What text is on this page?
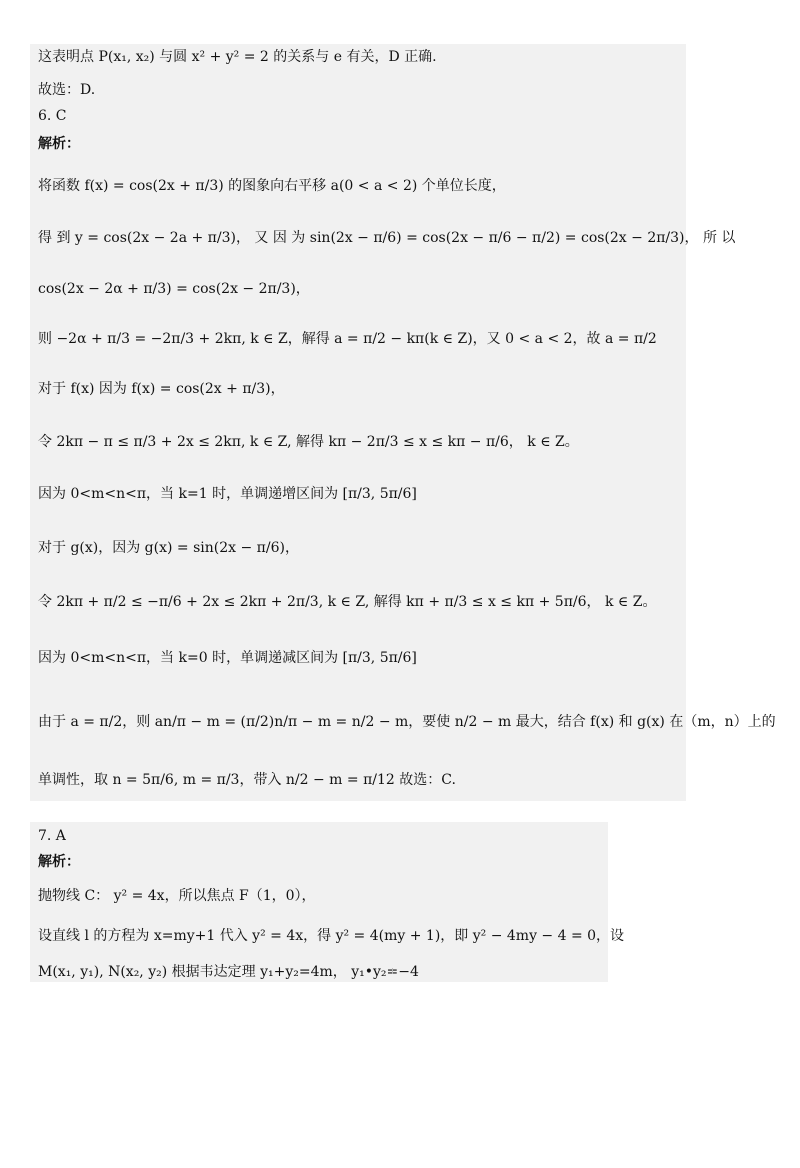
这表明点 P(x₁, x₂) 与圆 x² + y² = 2 的关系与 e 有关，D 正确.
故选：D.
6. C
解析：
将函数 f(x) = cos(2x + π/3) 的图象向右平移 a(0 < a < 2) 个单位长度，
得 到 y = cos(2x − 2a + π/3)， 又 因 为 sin(2x − π/6) = cos(2x − π/6 − π/2) = cos(2x − 2π/3)， 所 以
cos(2x − 2α + π/3) = cos(2x − 2π/3)，
则 −2α + π/3 = −2π/3 + 2kπ, k ∈ Z，解得 a = π/2 − kπ(k ∈ Z)，又 0 < a < 2，故 a = π/2
对于 f(x) 因为 f(x) = cos(2x + π/3)，
令 2kπ − π ≤ π/3 + 2x ≤ 2kπ, k ∈ Z, 解得 kπ − 2π/3 ≤ x ≤ kπ − π/6， k ∈ Z。
因为 0<m<n<π，当 k=1 时，单调递增区间为 [π/3, 5π/6]
对于 g(x)，因为 g(x) = sin(2x − π/6)，
令 2kπ + π/2 ≤ −π/6 + 2x ≤ 2kπ + 2π/3, k ∈ Z, 解得 kπ + π/3 ≤ x ≤ kπ + 5π/6， k ∈ Z。
因为 0<m<n<π，当 k=0 时，单调递减区间为 [π/3, 5π/6]
由于 a = π/2，则 an/π − m = (π/2)n/π − m = n/2 − m，要使 n/2 − m 最大，结合 f(x) 和 g(x) 在（m，n）上的
单调性，取 n = 5π/6, m = π/3，带入 n/2 − m = π/12 故选：C.
7. A
解析：
抛物线 C： y² = 4x，所以焦点 F（1，0），
设直线 l 的方程为 x=my+1 代入 y² = 4x，得 y² = 4(my + 1)，即 y² − 4my − 4 = 0，设
M(x₁, y₁), N(x₂, y₂) 根据韦达定理 y₁+y₂=4m， y₁•y₂=−4
